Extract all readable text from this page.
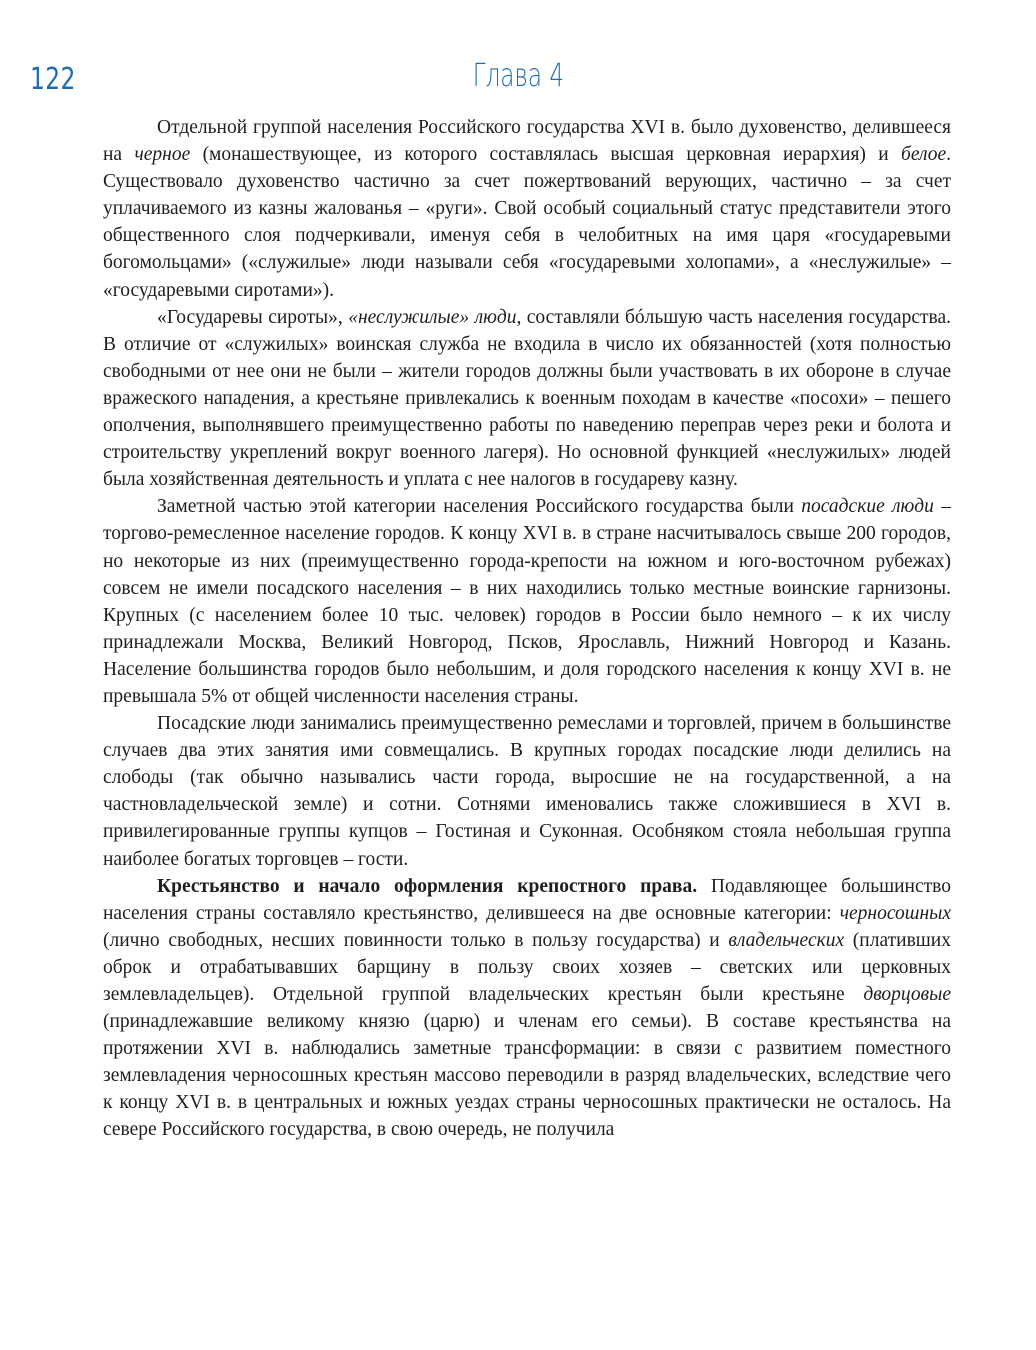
122	Глава 4

Отдельной группой населения Российского государства XVI в. было духовенство, делившееся на черное (монашествующее, из которого составлялась высшая церковная иерархия) и белое. Существовало духовенство частично за счет пожертвований верующих, частично – за счет уплачиваемого из казны жалованья – «руги». Свой особый социальный статус представители этого общественного слоя подчеркивали, именуя себя в челобитных на имя царя «государевыми богомольцами» («служилые» люди называли себя «государевыми холопами», а «неслужилые» – «государевыми сиротами»).

«Государевы сироты», «неслужилые» люди, составляли бóльшую часть населения государства. В отличие от «служилых» воинская служба не входила в число их обязанностей (хотя полностью свободными от нее они не были – жители городов должны были участвовать в их обороне в случае вражеского нападения, а крестьяне привлекались к военным походам в качестве «посохи» – пешего ополчения, выполнявшего преимущественно работы по наведению переправ через реки и болота и строительству укреплений вокруг военного лагеря). Но основной функцией «неслужилых» людей была хозяйственная деятельность и уплата с нее налогов в государеву казну.

Заметной частью этой категории населения Российского государства были посадские люди – торгово-ремесленное население городов. К концу XVI в. в стране насчитывалось свыше 200 городов, но некоторые из них (преимущественно города-крепости на южном и юго-восточном рубежах) совсем не имели посадского населения – в них находились только местные воинские гарнизоны. Крупных (с населением более 10 тыс. человек) городов в России было немного – к их числу принадлежали Москва, Великий Новгород, Псков, Ярославль, Нижний Новгород и Казань. Население большинства городов было небольшим, и доля городского населения к концу XVI в. не превышала 5% от общей численности населения страны.

Посадские люди занимались преимущественно ремеслами и торговлей, причем в большинстве случаев два этих занятия ими совмещались. В крупных городах посадские люди делились на слободы (так обычно назывались части города, выросшие не на государственной, а на частновладельческой земле) и сотни. Сотнями именовались также сложившиеся в XVI в. привилегированные группы купцов – Гостиная и Суконная. Особняком стояла небольшая группа наиболее богатых торговцев – гости.

Крестьянство и начало оформления крепостного права. Подавляющее большинство населения страны составляло крестьянство, делившееся на две основные категории: черносошных (лично свободных, несших повинности только в пользу государства) и владельческих (плативших оброк и отрабатывавших барщину в пользу своих хозяев – светских или церковных землевладельцев). Отдельной группой владельческих крестьян были крестьяне дворцовые (принадлежавшие великому князю (царю) и членам его семьи). В составе крестьянства на протяжении XVI в. наблюдались заметные трансформации: в связи с развитием поместного землевладения черносошных крестьян массово переводили в разряд владельческих, вследствие чего к концу XVI в. в центральных и южных уездах страны черносошных практически не осталось. На севере Российского государства, в свою очередь, не получила
